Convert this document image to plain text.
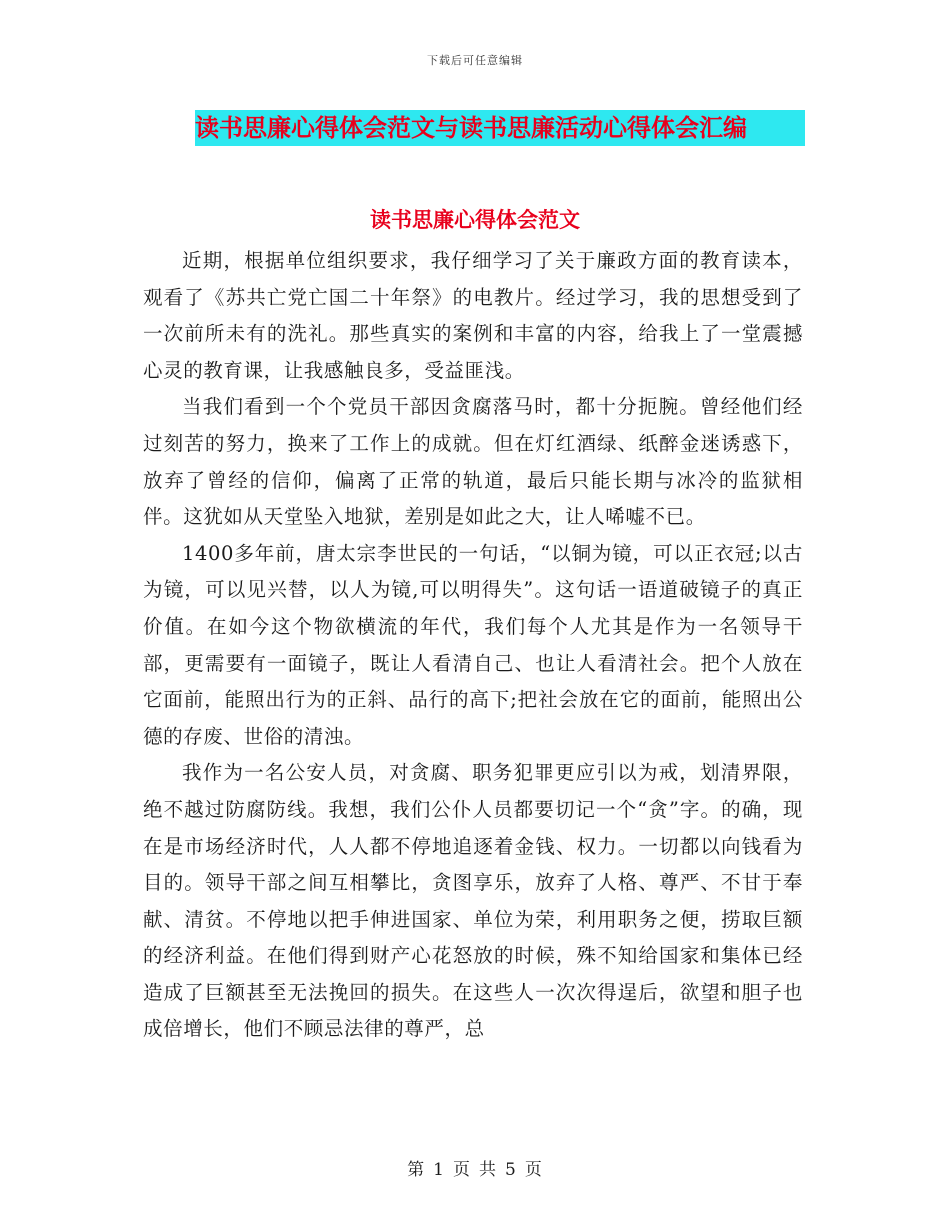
下载后可任意编辑
读书思廉心得体会范文与读书思廉活动心得体会汇编
读书思廉心得体会范文

近期，根据单位组织要求，我仔细学习了关于廉政方面的教育读本，观看了《苏共亡党亡国二十年祭》的电教片。经过学习，我的思想受到了一次前所未有的洗礼。那些真实的案例和丰富的内容，给我上了一堂震撼心灵的教育课，让我感触良多，受益匪浅。

当我们看到一个个党员干部因贪腐落马时，都十分扼腕。曾经他们经过刻苦的努力，换来了工作上的成就。但在灯红酒绿、纸醉金迷诱惑下，放弃了曾经的信仰，偏离了正常的轨道，最后只能长期与冰冷的监狱相伴。这犹如从天堂坠入地狱，差别是如此之大，让人唏嘘不已。

1400多年前，唐太宗李世民的一句话，“以铜为镜，可以正衣冠;以古为镜，可以见兴替，以人为镜,可以明得失”。这句话一语道破镜子的真正价值。在如今这个物欲横流的年代，我们每个人尤其是作为一名领导干部，更需要有一面镜子，既让人看清自己、也让人看清社会。把个人放在它面前，能照出行为的正斜、品行的高下;把社会放在它的面前，能照出公德的存废、世俗的清浊。

我作为一名公安人员，对贪腐、职务犯罪更应引以为戒，划清界限，绝不越过防腐防线。我想，我们公仆人员都要切记一个“贪”字。的确，现在是市场经济时代，人人都不停地追逐着金钱、权力。一切都以向钱看为目的。领导干部之间互相攀比，贪图享乐，放弃了人格、尊严、不甘于奉献、清贫。不停地以把手伸进国家、单位为荣，利用职务之便，捞取巨额的经济利益。在他们得到财产心花怒放的时候，殊不知给国家和集体已经造成了巨额甚至无法挽回的损失。在这些人一次次得逞后，欲望和胆子也成倍增长，他们不顾忌法律的尊严，总

第 1 页 共 5 页
